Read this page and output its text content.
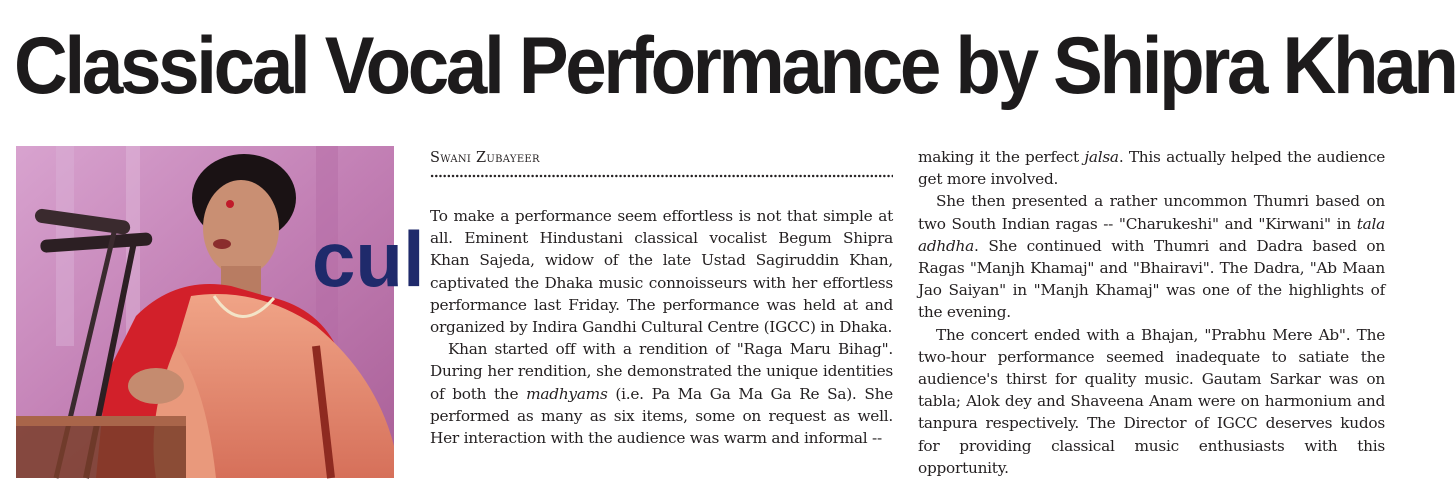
Classical Vocal Performance by Shipra Khan
cul
Swani Zubayeer

To make a performance seem effortless is not that simple at all. Eminent Hindustani classical vocalist Begum Shipra Khan Sajeda, widow of the late Ustad Sagiruddin Khan, captivated the Dhaka music connoisseurs with her effortless performance last Friday. The performance was held at and organized by Indira Gandhi Cultural Centre (IGCC) in Dhaka.

Khan started off with a rendition of "Raga Maru Bihag". During her rendition, she demonstrated the unique identities of both the madhyams (i.e. Pa Ma Ga Ma Ga Re Sa). She performed as many as six items, some on request as well. Her interaction with the audience was warm and informal --

making it the perfect jalsa. This actually helped the audience get more involved.

She then presented a rather uncommon Thumri based on two South Indian ragas -- "Charukeshi" and "Kirwani" in tala adhdha. She continued with Thumri and Dadra based on Ragas "Manjh Khamaj" and "Bhairavi". The Dadra, "Ab Maan Jao Saiyan" in "Manjh Khamaj" was one of the highlights of the evening.

The concert ended with a Bhajan, "Prabhu Mere Ab". The two-hour performance seemed inadequate to satiate the audience's thirst for quality music. Gautam Sarkar was on tabla; Alok dey and Shaveena Anam were on harmonium and tanpura respectively. The Director of IGCC deserves kudos for providing classical music enthusiasts with this opportunity.
